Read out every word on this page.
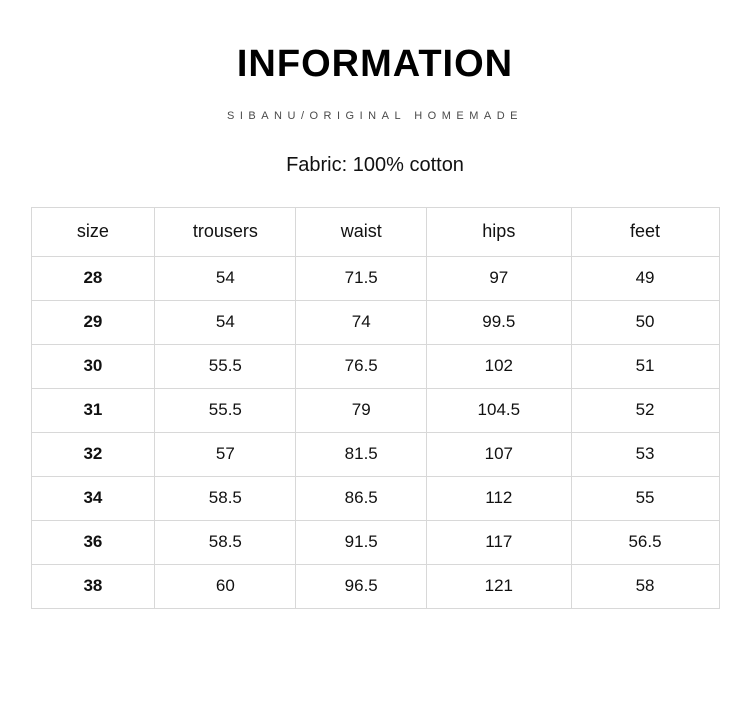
INFORMATION
SIBANU/ORIGINAL HOMEMADE
Fabric: 100% cotton
size	trousers	waist	hips	feet
28	54	71.5	97	49
29	54	74	99.5	50
30	55.5	76.5	102	51
31	55.5	79	104.5	52
32	57	81.5	107	53
34	58.5	86.5	112	55
36	58.5	91.5	117	56.5
38	60	96.5	121	58
